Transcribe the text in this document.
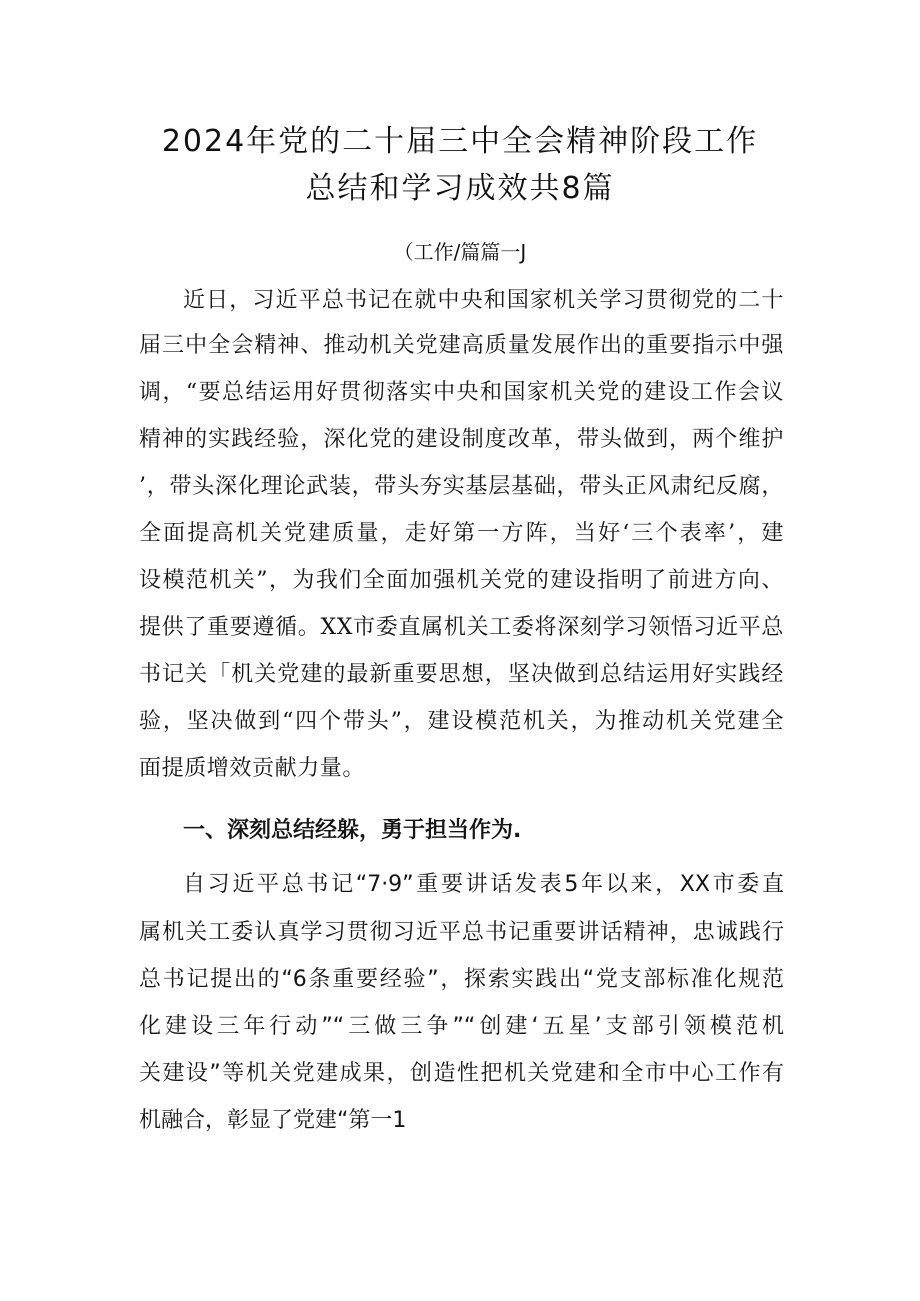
2024年党的二十届三中全会精神阶段工作
总结和学习成效共8篇
（工作/篇篇一J
近日，习近平总书记在就中央和国家机关学习贯彻党的二十
届三中全会精神、推动机关党建高质量发展作出的重要指示中强
调，“要总结运用好贯彻落实中央和国家机关党的建设工作会议
精神的实践经验，深化党的建设制度改革，带头做到，两个维护
’，带头深化理论武装，带头夯实基层基础，带头正风肃纪反腐，
全面提高机关党建质量，走好第一方阵，当好‘三个表率’，建
设模范机关”，为我们全面加强机关党的建设指明了前进方向、
提供了重要遵循。XX市委直属机关工委将深刻学习领悟习近平总
书记关「机关党建的最新重要思想，坚决做到总结运用好实践经
验，坚决做到“四个带头”，建设模范机关，为推动机关党建全
面提质增效贡献力量。
一、深刻总结经躲，勇于担当作为.
自习近平总书记“7·9”重要讲话发表5年以来，XX市委直
属机关工委认真学习贯彻习近平总书记重要讲话精神，忠诚践行
总书记提出的“6条重要经验”，探索实践出“党支部标准化规范
化建设三年行动”“三做三争”“创建‘五星’支部引领模范机
关建设”等机关党建成果，创造性把机关党建和全市中心工作有
机融合，彰显了党建“第一1
